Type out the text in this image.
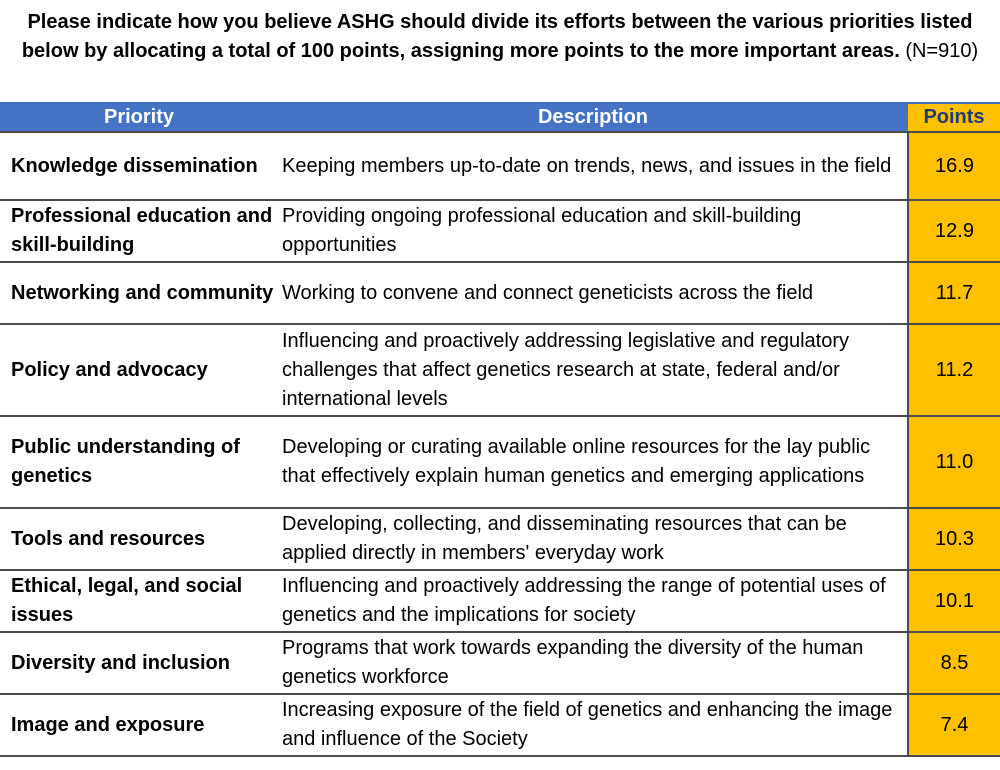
Please indicate how you believe ASHG should divide its efforts between the various priorities listed below by allocating a total of 100 points, assigning more points to the more important areas. (N=910)
Priority	Description	Points
Knowledge dissemination	Keeping members up-to-date on trends, news, and issues in the field	16.9
Professional education and skill-building	Providing ongoing professional education and skill-building opportunities	12.9
Networking and community	Working to convene and connect geneticists across the field	11.7
Policy and advocacy	Influencing and proactively addressing legislative and regulatory challenges that affect genetics research at state, federal and/or international levels	11.2
Public understanding of genetics	Developing or curating available online resources for the lay public that effectively explain human genetics and emerging applications	11.0
Tools and resources	Developing, collecting, and disseminating resources that can be applied directly in members' everyday work	10.3
Ethical, legal, and social issues	Influencing and proactively addressing the range of potential uses of genetics and the implications for society	10.1
Diversity and inclusion	Programs that work towards expanding the diversity of the human genetics workforce	8.5
Image and exposure	Increasing exposure of the field of genetics and enhancing the image and influence of the Society	7.4
